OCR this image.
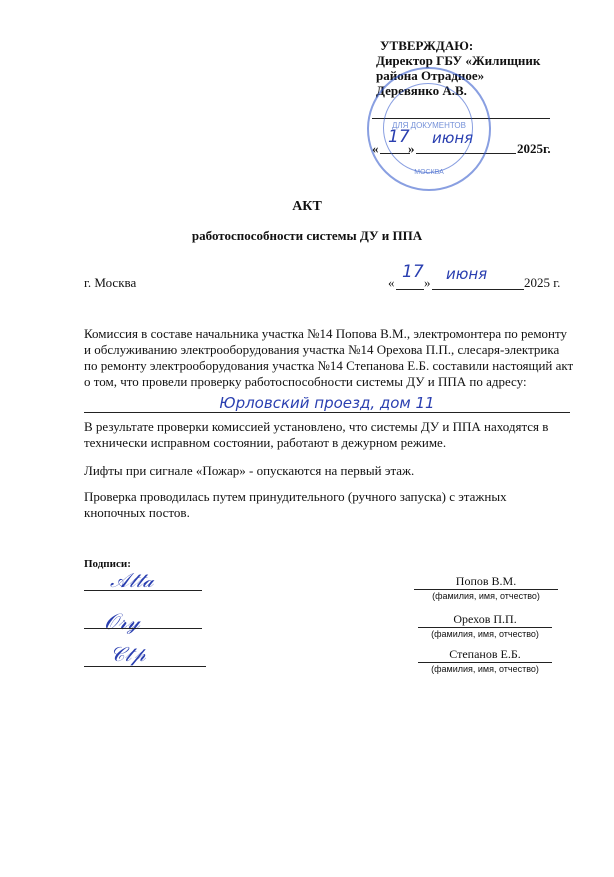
УТВЕРЖДАЮ:
Директор ГБУ «Жилищник
района Отрадное»
Деревянко А.В.
«
17
»
июня
2025г.
ДЛЯ ДОКУМЕНТОВ
МОСКВА
АКТ
работоспособности системы ДУ и ППА
г. Москва	«
17
» июня	2025 г.
Комиссия в составе начальника участка №14 Попова В.М., электромонтера по ремонту и обслуживанию электрооборудования участка №14 Орехова П.П., слесаря-электрика по ремонту электрооборудования участка №14 Степанова Е.Б. составили настоящий акт о том, что провели проверку работоспособности системы ДУ и ППА по адресу:
Юрловский проезд, дом 11
В результате проверки комиссией установлено, что системы ДУ и ППА находятся в технически исправном состоянии, работают в дежурном режиме.
Лифты при сигнале «Пожар» - опускаются на первый этаж.
Проверка проводилась путем принудительного (ручного запуска) с этажных кнопочных постов.
Подписи:
𝒜𝓉𝓉𝒶
𝒪𝓇𝓎
𝒞𝓉𝓅
Попов В.М.
(фамилия, имя, отчество)
Орехов П.П.
(фамилия, имя, отчество)
Степанов Е.Б.
(фамилия, имя, отчество)
